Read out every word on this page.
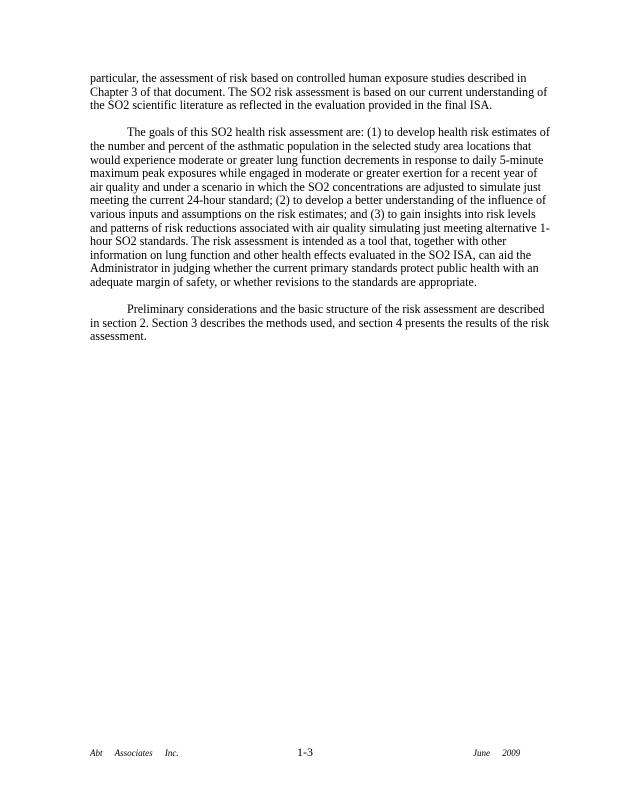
particular, the assessment of risk based on controlled human exposure studies described in Chapter 3 of that document. The SO2 risk assessment is based on our current understanding of the SO2 scientific literature as reflected in the evaluation provided in the final ISA.

The goals of this SO2 health risk assessment are: (1) to develop health risk estimates of the number and percent of the asthmatic population in the selected study area locations that would experience moderate or greater lung function decrements in response to daily 5-minute maximum peak exposures while engaged in moderate or greater exertion for a recent year of air quality and under a scenario in which the SO2 concentrations are adjusted to simulate just meeting the current 24-hour standard; (2) to develop a better understanding of the influence of various inputs and assumptions on the risk estimates; and (3) to gain insights into risk levels and patterns of risk reductions associated with air quality simulating just meeting alternative 1-hour SO2 standards. The risk assessment is intended as a tool that, together with other information on lung function and other health effects evaluated in the SO2 ISA, can aid the Administrator in judging whether the current primary standards protect public health with an adequate margin of safety, or whether revisions to the standards are appropriate.

Preliminary considerations and the basic structure of the risk assessment are described in section 2. Section 3 describes the methods used, and section 4 presents the results of the risk assessment.

Abt Associates Inc.	1-3	June 2009
